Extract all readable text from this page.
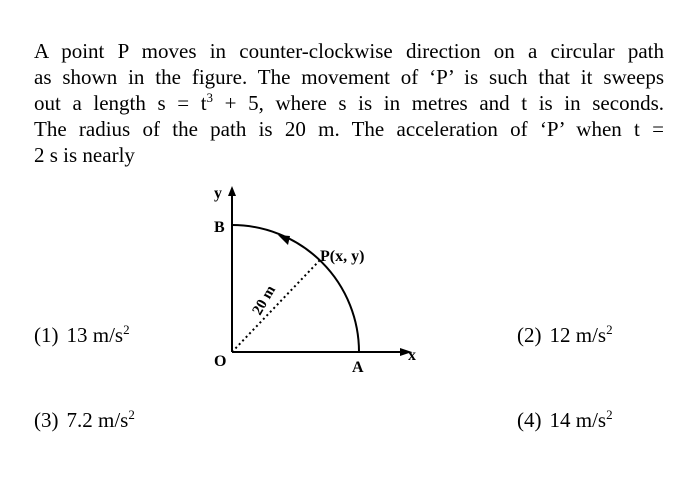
A point P moves in counter-clockwise direction on a circular path
as shown in the figure. The movement of ‘P’ is such that it sweeps
out a length $s = t^3 + 5$, where s is in metres and t is in seconds.
The radius of the path is 20 m. The acceleration of ‘P’ when t =
2 s is nearly
y
x
O
B
A
P(x, y)
20 m
(1) 13 $m/s^2$	(2) 12 $m/s^2$
(3) 7.2 $m/s^2$	(4) 14 $m/s^2$
